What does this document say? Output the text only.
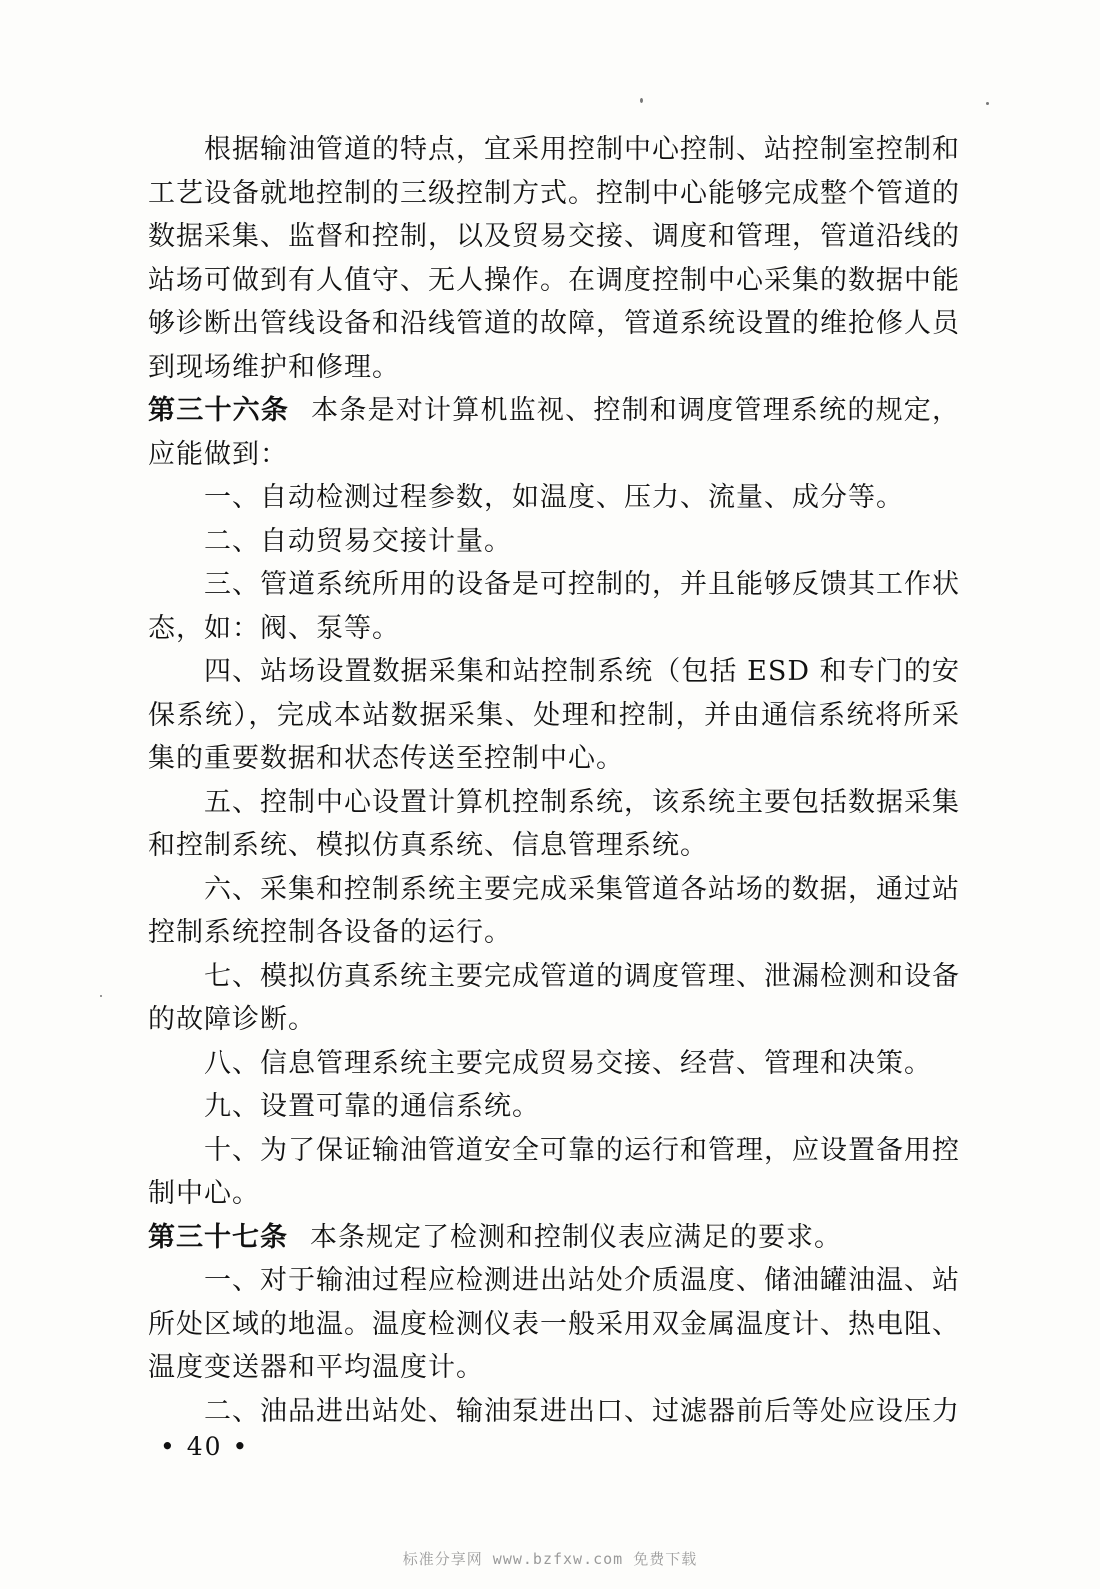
根据输油管道的特点，宜采用控制中心控制、站控制室控制和工艺设备就地控制的三级控制方式。控制中心能够完成整个管道的数据采集、监督和控制，以及贸易交接、调度和管理，管道沿线的站场可做到有人值守、无人操作。在调度控制中心采集的数据中能够诊断出管线设备和沿线管道的故障，管道系统设置的维抢修人员到现场维护和修理。

第三十六条 本条是对计算机监视、控制和调度管理系统的规定，应能做到：

一、自动检测过程参数，如温度、压力、流量、成分等。

二、自动贸易交接计量。

三、管道系统所用的设备是可控制的，并且能够反馈其工作状态，如：阀、泵等。

四、站场设置数据采集和站控制系统（包括 ESD 和专门的安保系统），完成本站数据采集、处理和控制，并由通信系统将所采集的重要数据和状态传送至控制中心。

五、控制中心设置计算机控制系统，该系统主要包括数据采集和控制系统、模拟仿真系统、信息管理系统。

六、采集和控制系统主要完成采集管道各站场的数据，通过站控制系统控制各设备的运行。

七、模拟仿真系统主要完成管道的调度管理、泄漏检测和设备的故障诊断。

八、信息管理系统主要完成贸易交接、经营、管理和决策。

九、设置可靠的通信系统。

十、为了保证输油管道安全可靠的运行和管理，应设置备用控制中心。

第三十七条 本条规定了检测和控制仪表应满足的要求。

一、对于输油过程应检测进出站处介质温度、储油罐油温、站所处区域的地温。温度检测仪表一般采用双金属温度计、热电阻、温度变送器和平均温度计。

二、油品进出站处、输油泵进出口、过滤器前后等处应设压力

• 40 •
标准分享网 www.bzfxw.com 免费下载
